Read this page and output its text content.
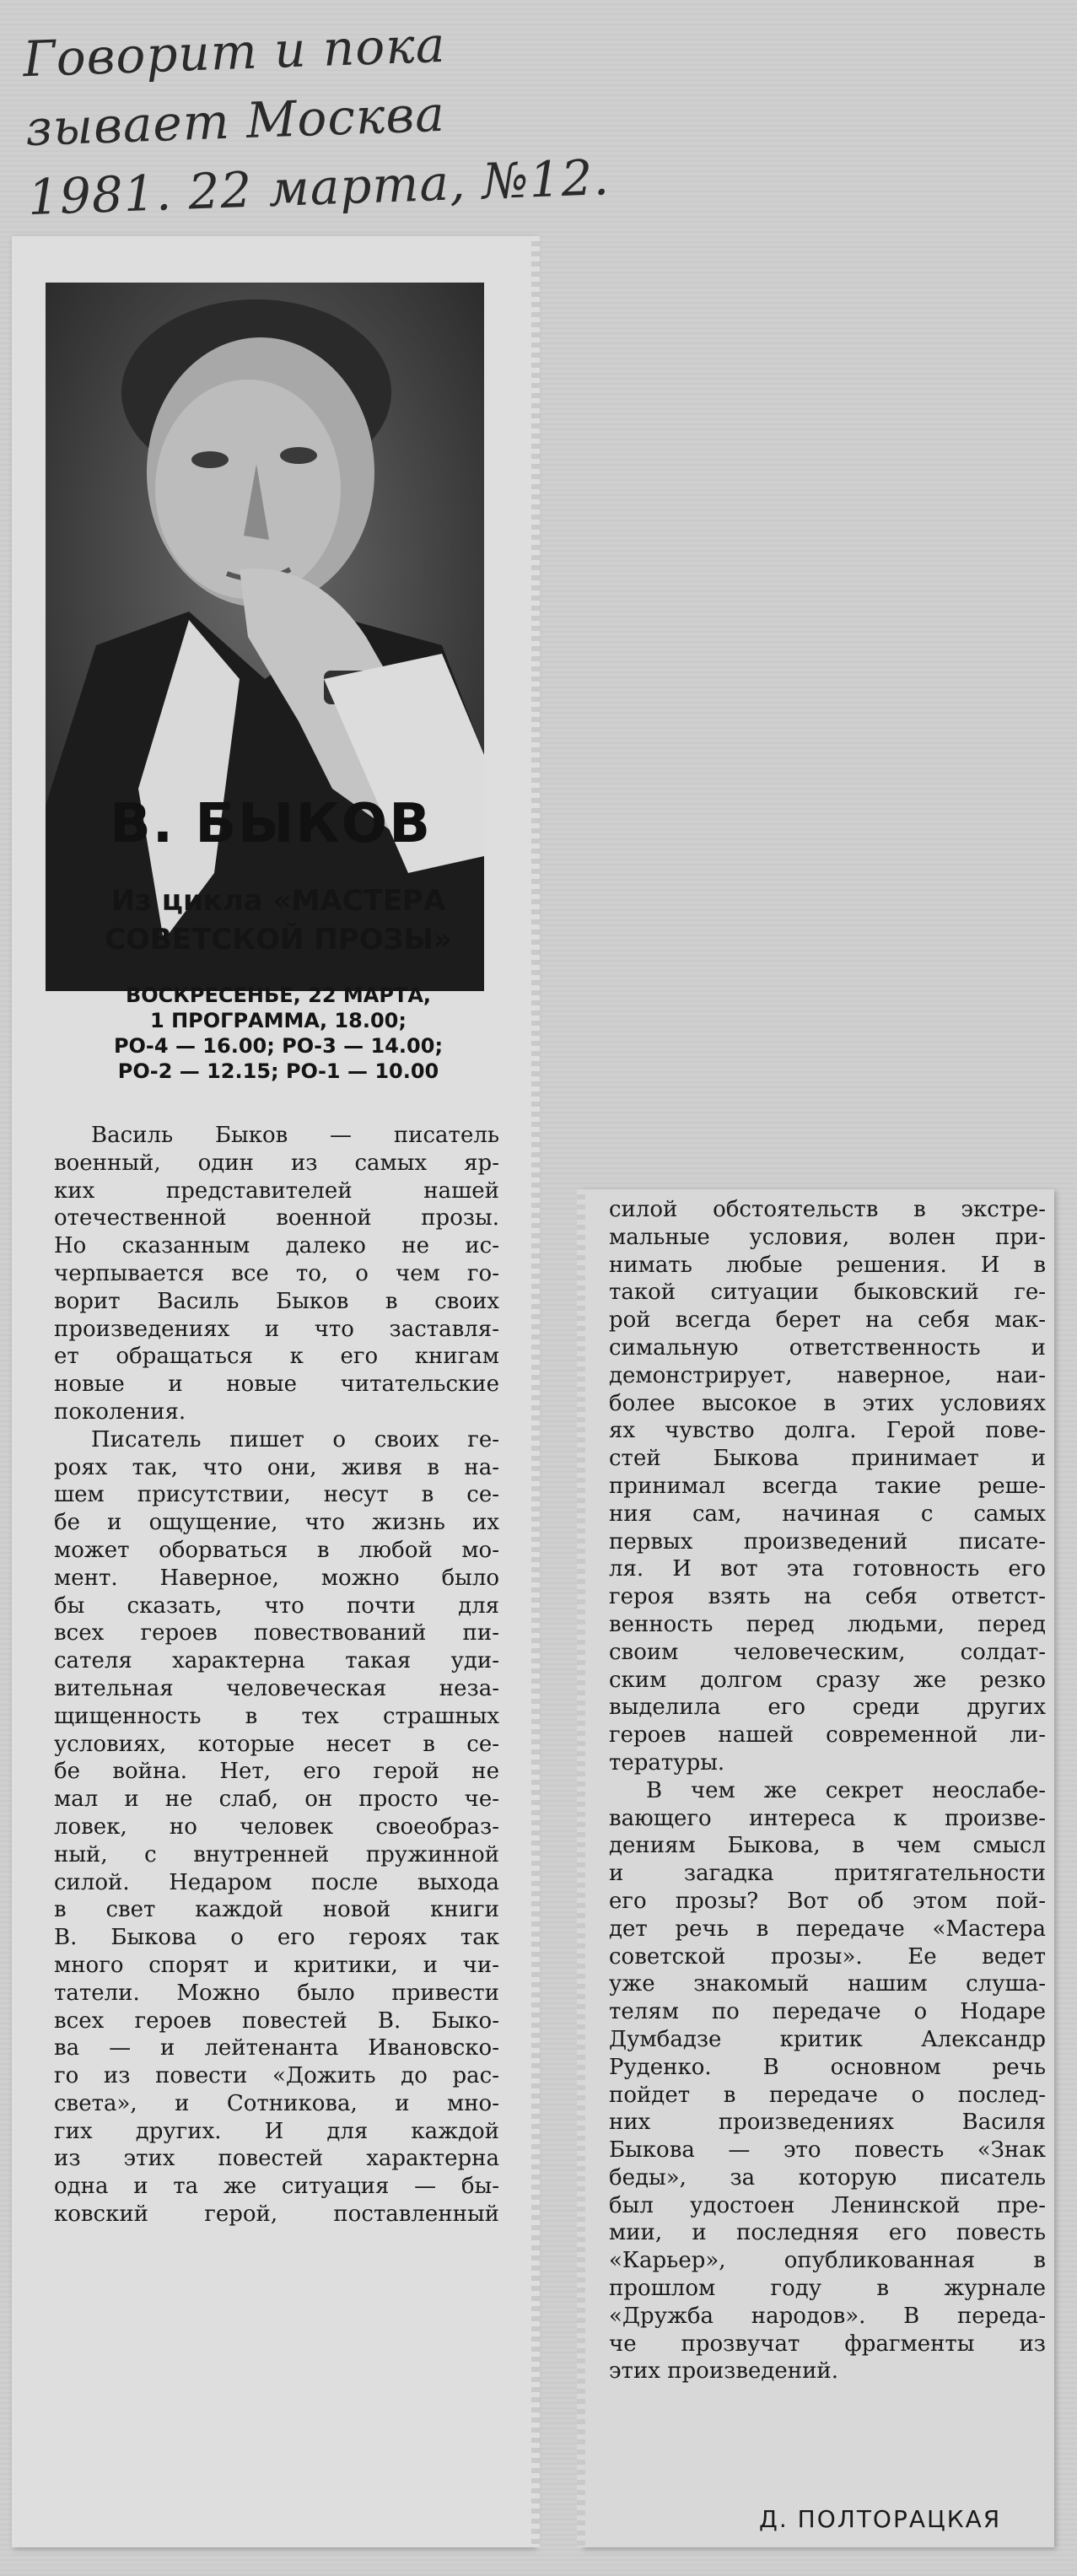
Говорит и пока
зывает Москва
1981. 22 марта, №12.
В. БЫКОВ
Из цикла «МАСТЕРА
СОВЕТСКОЙ ПРОЗЫ»
ВОСКРЕСЕНЬЕ, 22 МАРТА,
1 ПРОГРАММА, 18.00;
РО-4 — 16.00; РО-3 — 14.00;
РО-2 — 12.15; РО-1 — 10.00
Василь Быков — писатель
военный, один из самых яр-
ких представителей нашей
отечественной военной прозы.
Но сказанным далеко не ис-
черпывается все то, о чем го-
ворит Василь Быков в своих
произведениях и что заставля-
ет обращаться к его книгам
новые и новые читательские
поколения.
Писатель пишет о своих ге-
роях так, что они, живя в на-
шем присутствии, несут в се-
бе и ощущение, что жизнь их
может оборваться в любой мо-
мент. Наверное, можно было
бы сказать, что почти для
всех героев повествований пи-
сателя характерна такая уди-
вительная человеческая неза-
щищенность в тех страшных
условиях, которые несет в се-
бе война. Нет, его герой не
мал и не слаб, он просто че-
ловек, но человек своеобраз-
ный, с внутренней пружинной
силой. Недаром после выхода
в свет каждой новой книги
В. Быкова о его героях так
много спорят и критики, и чи-
татели. Можно было привести
всех героев повестей В. Быко-
ва — и лейтенанта Ивановско-
го из повести «Дожить до рас-
света», и Сотникова, и мно-
гих других. И для каждой
из этих повестей характерна
одна и та же ситуация — бы-
ковский герой, поставленный
силой обстоятельств в экстре-
мальные условия, волен при-
нимать любые решения. И в
такой ситуации быковский ге-
рой всегда берет на себя мак-
симальную ответственность и
демонстрирует, наверное, наи-
более высокое в этих условиях
ях чувство долга. Герой пове-
стей Быкова принимает и
принимал всегда такие реше-
ния сам, начиная с самых
первых произведений писате-
ля. И вот эта готовность его
героя взять на себя ответст-
венность перед людьми, перед
своим человеческим, солдат-
ским долгом сразу же резко
выделила его среди других
героев нашей современной ли-
тературы.
В чем же секрет неослабе-
вающего интереса к произве-
дениям Быкова, в чем смысл
и загадка притягательности
его прозы? Вот об этом пой-
дет речь в передаче «Мастера
советской прозы». Ее ведет
уже знакомый нашим слуша-
телям по передаче о Нодаре
Думбадзе критик Александр
Руденко. В основном речь
пойдет в передаче о послед-
них произведениях Василя
Быкова — это повесть «Знак
беды», за которую писатель
был удостоен Ленинской пре-
мии, и последняя его повесть
«Карьер», опубликованная в
прошлом году в журнале
«Дружба народов». В переда-
че прозвучат фрагменты из
этих произведений.
Д. ПОЛТОРАЦКАЯ
